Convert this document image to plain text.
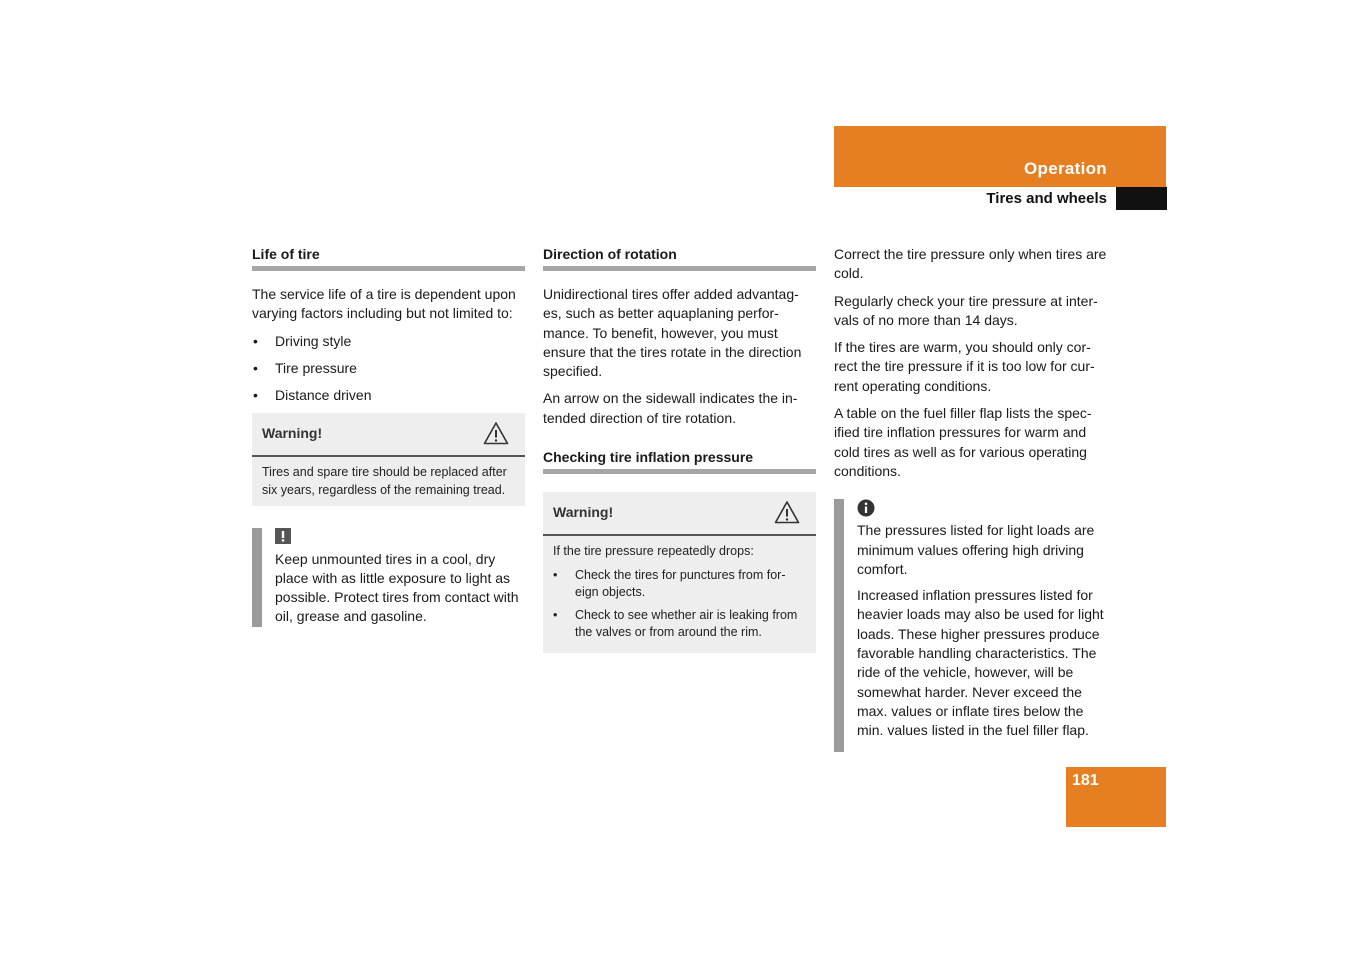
Operation
Tires and wheels
Life of tire

The service life of a tire is dependent upon varying factors including but not limited to:

• Driving style
• Tire pressure
• Distance driven
Warning!
Tires and spare tire should be replaced after six years, regardless of the remaining tread.

Keep unmounted tires in a cool, dry place with as little exposure to light as possible. Protect tires from contact with oil, grease and gasoline.

Direction of rotation

Unidirectional tires offer added advantag-es, such as better aquaplaning perfor-mance. To benefit, however, you must ensure that the tires rotate in the direction specified.

An arrow on the sidewall indicates the in-tended direction of tire rotation.

Checking tire inflation pressure
Warning!
If the tire pressure repeatedly drops:
• Check the tires for punctures from for-eign objects.
• Check to see whether air is leaking from the valves or from around the rim.

Correct the tire pressure only when tires are cold.

Regularly check your tire pressure at inter-vals of no more than 14 days.

If the tires are warm, you should only cor-rect the tire pressure if it is too low for cur-rent operating conditions.

A table on the fuel filler flap lists the spec-ified tire inflation pressures for warm and cold tires as well as for various operating conditions.

The pressures listed for light loads are minimum values offering high driving comfort.

Increased inflation pressures listed for heavier loads may also be used for light loads. These higher pressures produce favorable handling characteristics. The ride of the vehicle, however, will be somewhat harder. Never exceed the max. values or inflate tires below the min. values listed in the fuel filler flap.

181
